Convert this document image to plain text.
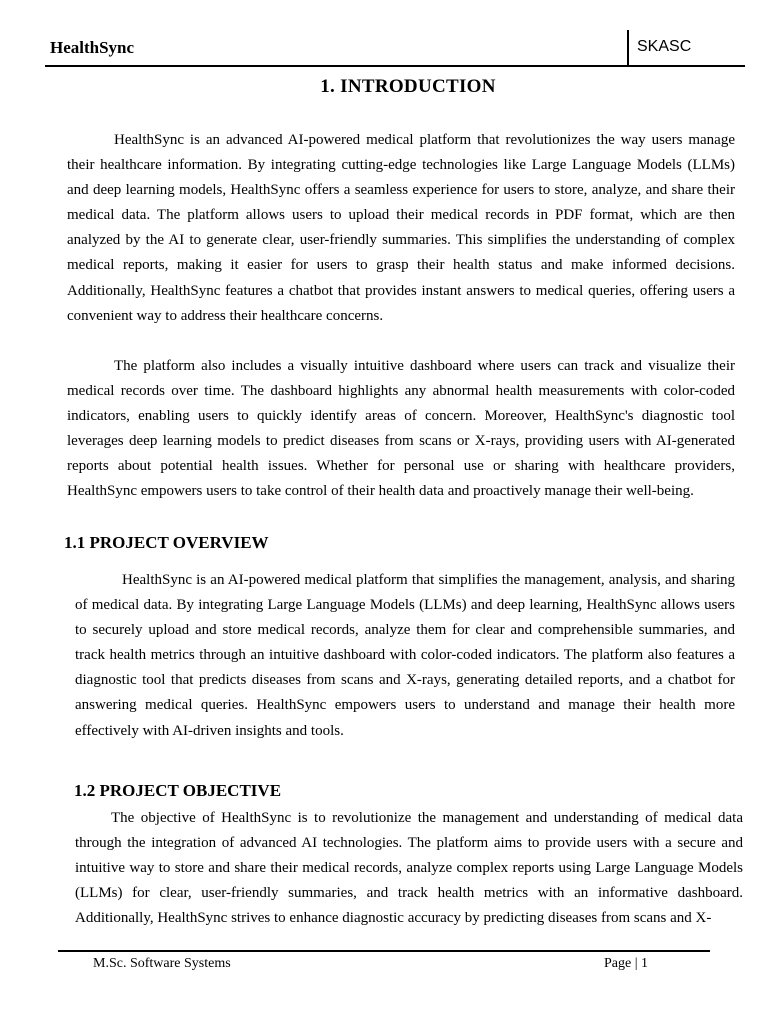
HealthSync	SKASC
1. INTRODUCTION

HealthSync is an advanced AI-powered medical platform that revolutionizes the way users manage their healthcare information. By integrating cutting-edge technologies like Large Language Models (LLMs) and deep learning models, HealthSync offers a seamless experience for users to store, analyze, and share their medical data. The platform allows users to upload their medical records in PDF format, which are then analyzed by the AI to generate clear, user-friendly summaries. This simplifies the understanding of complex medical reports, making it easier for users to grasp their health status and make informed decisions. Additionally, HealthSync features a chatbot that provides instant answers to medical queries, offering users a convenient way to address their healthcare concerns.

The platform also includes a visually intuitive dashboard where users can track and visualize their medical records over time. The dashboard highlights any abnormal health measurements with color-coded indicators, enabling users to quickly identify areas of concern. Moreover, HealthSync's diagnostic tool leverages deep learning models to predict diseases from scans or X-rays, providing users with AI-generated reports about potential health issues. Whether for personal use or sharing with healthcare providers, HealthSync empowers users to take control of their health data and proactively manage their well-being.

1.1 PROJECT OVERVIEW

HealthSync is an AI-powered medical platform that simplifies the management, analysis, and sharing of medical data. By integrating Large Language Models (LLMs) and deep learning, HealthSync allows users to securely upload and store medical records, analyze them for clear and comprehensible summaries, and track health metrics through an intuitive dashboard with color-coded indicators. The platform also features a diagnostic tool that predicts diseases from scans and X-rays, generating detailed reports, and a chatbot for answering medical queries. HealthSync empowers users to understand and manage their health more effectively with AI-driven insights and tools.

1.2 PROJECT OBJECTIVE

The objective of HealthSync is to revolutionize the management and understanding of medical data through the integration of advanced AI technologies. The platform aims to provide users with a secure and intuitive way to store and share their medical records, analyze complex reports using Large Language Models (LLMs) for clear, user-friendly summaries, and track health metrics with an informative dashboard. Additionally, HealthSync strives to enhance diagnostic accuracy by predicting diseases from scans and X-

M.Sc. Software Systems	Page | 1
